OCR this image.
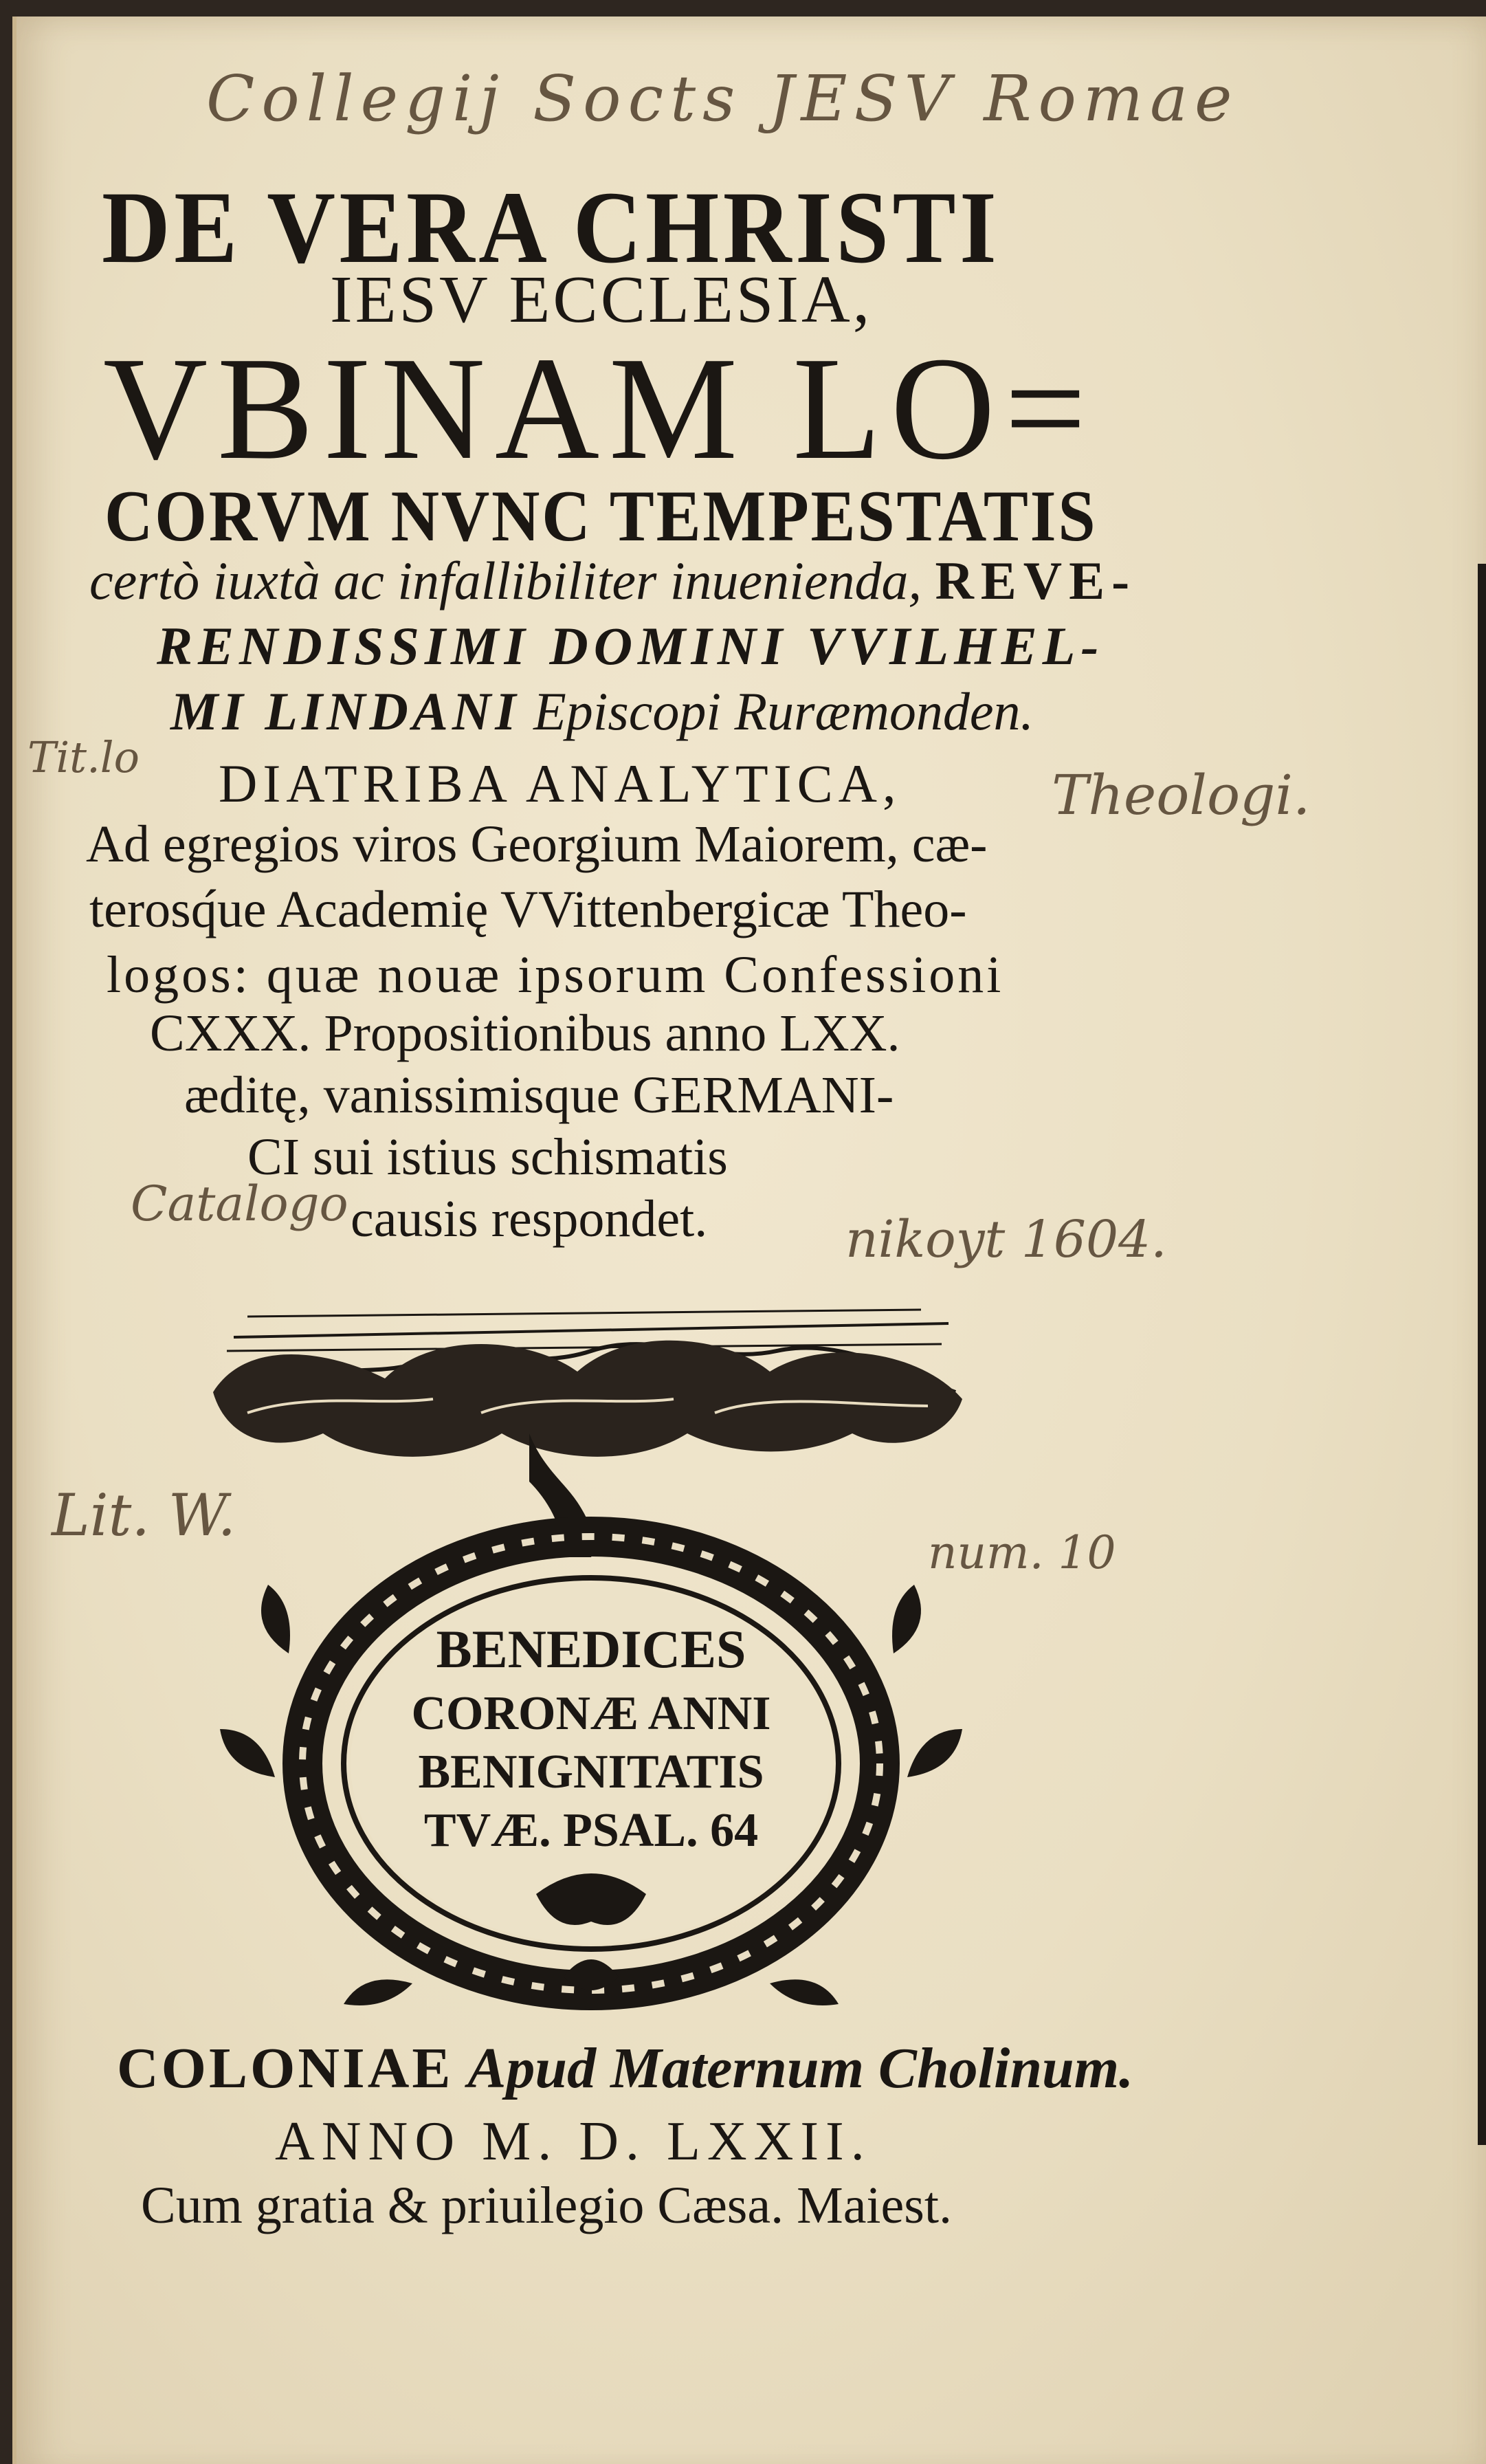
Collegij Socts JESV Romae
Tit.lo
Theologi.
Catalogo
nikoyt 1604.
Lit. W.
num. 10
DE VERA CHRISTI
IESV ECCLESIA,
VBINAM LO=
CORVM NVNC TEMPESTATIS
certò iuxtà ac infallibiliter inuenienda, REVE-
RENDISSIMI DOMINI VVILHEL-
MI LINDANI Episcopi Ruræmonden.
DIATRIBA ANALYTICA,
Ad egregios viros Georgium Maiorem, cæ-
terosq́ue Academię VVittenbergicæ Theo-
logos: quæ nouæ ipsorum Confessioni
CXXX. Propositionibus anno LXX.
æditę, vanissimisque GERMANI-
CI sui istius schismatis
causis respondet.
BENEDICES
CORONÆ ANNI
BENIGNITATIS
TVÆ. PSAL. 64
COLONIAE Apud Maternum Cholinum.
ANNO M. D. LXXII.
Cum gratia & priuilegio Cæsa. Maiest.
